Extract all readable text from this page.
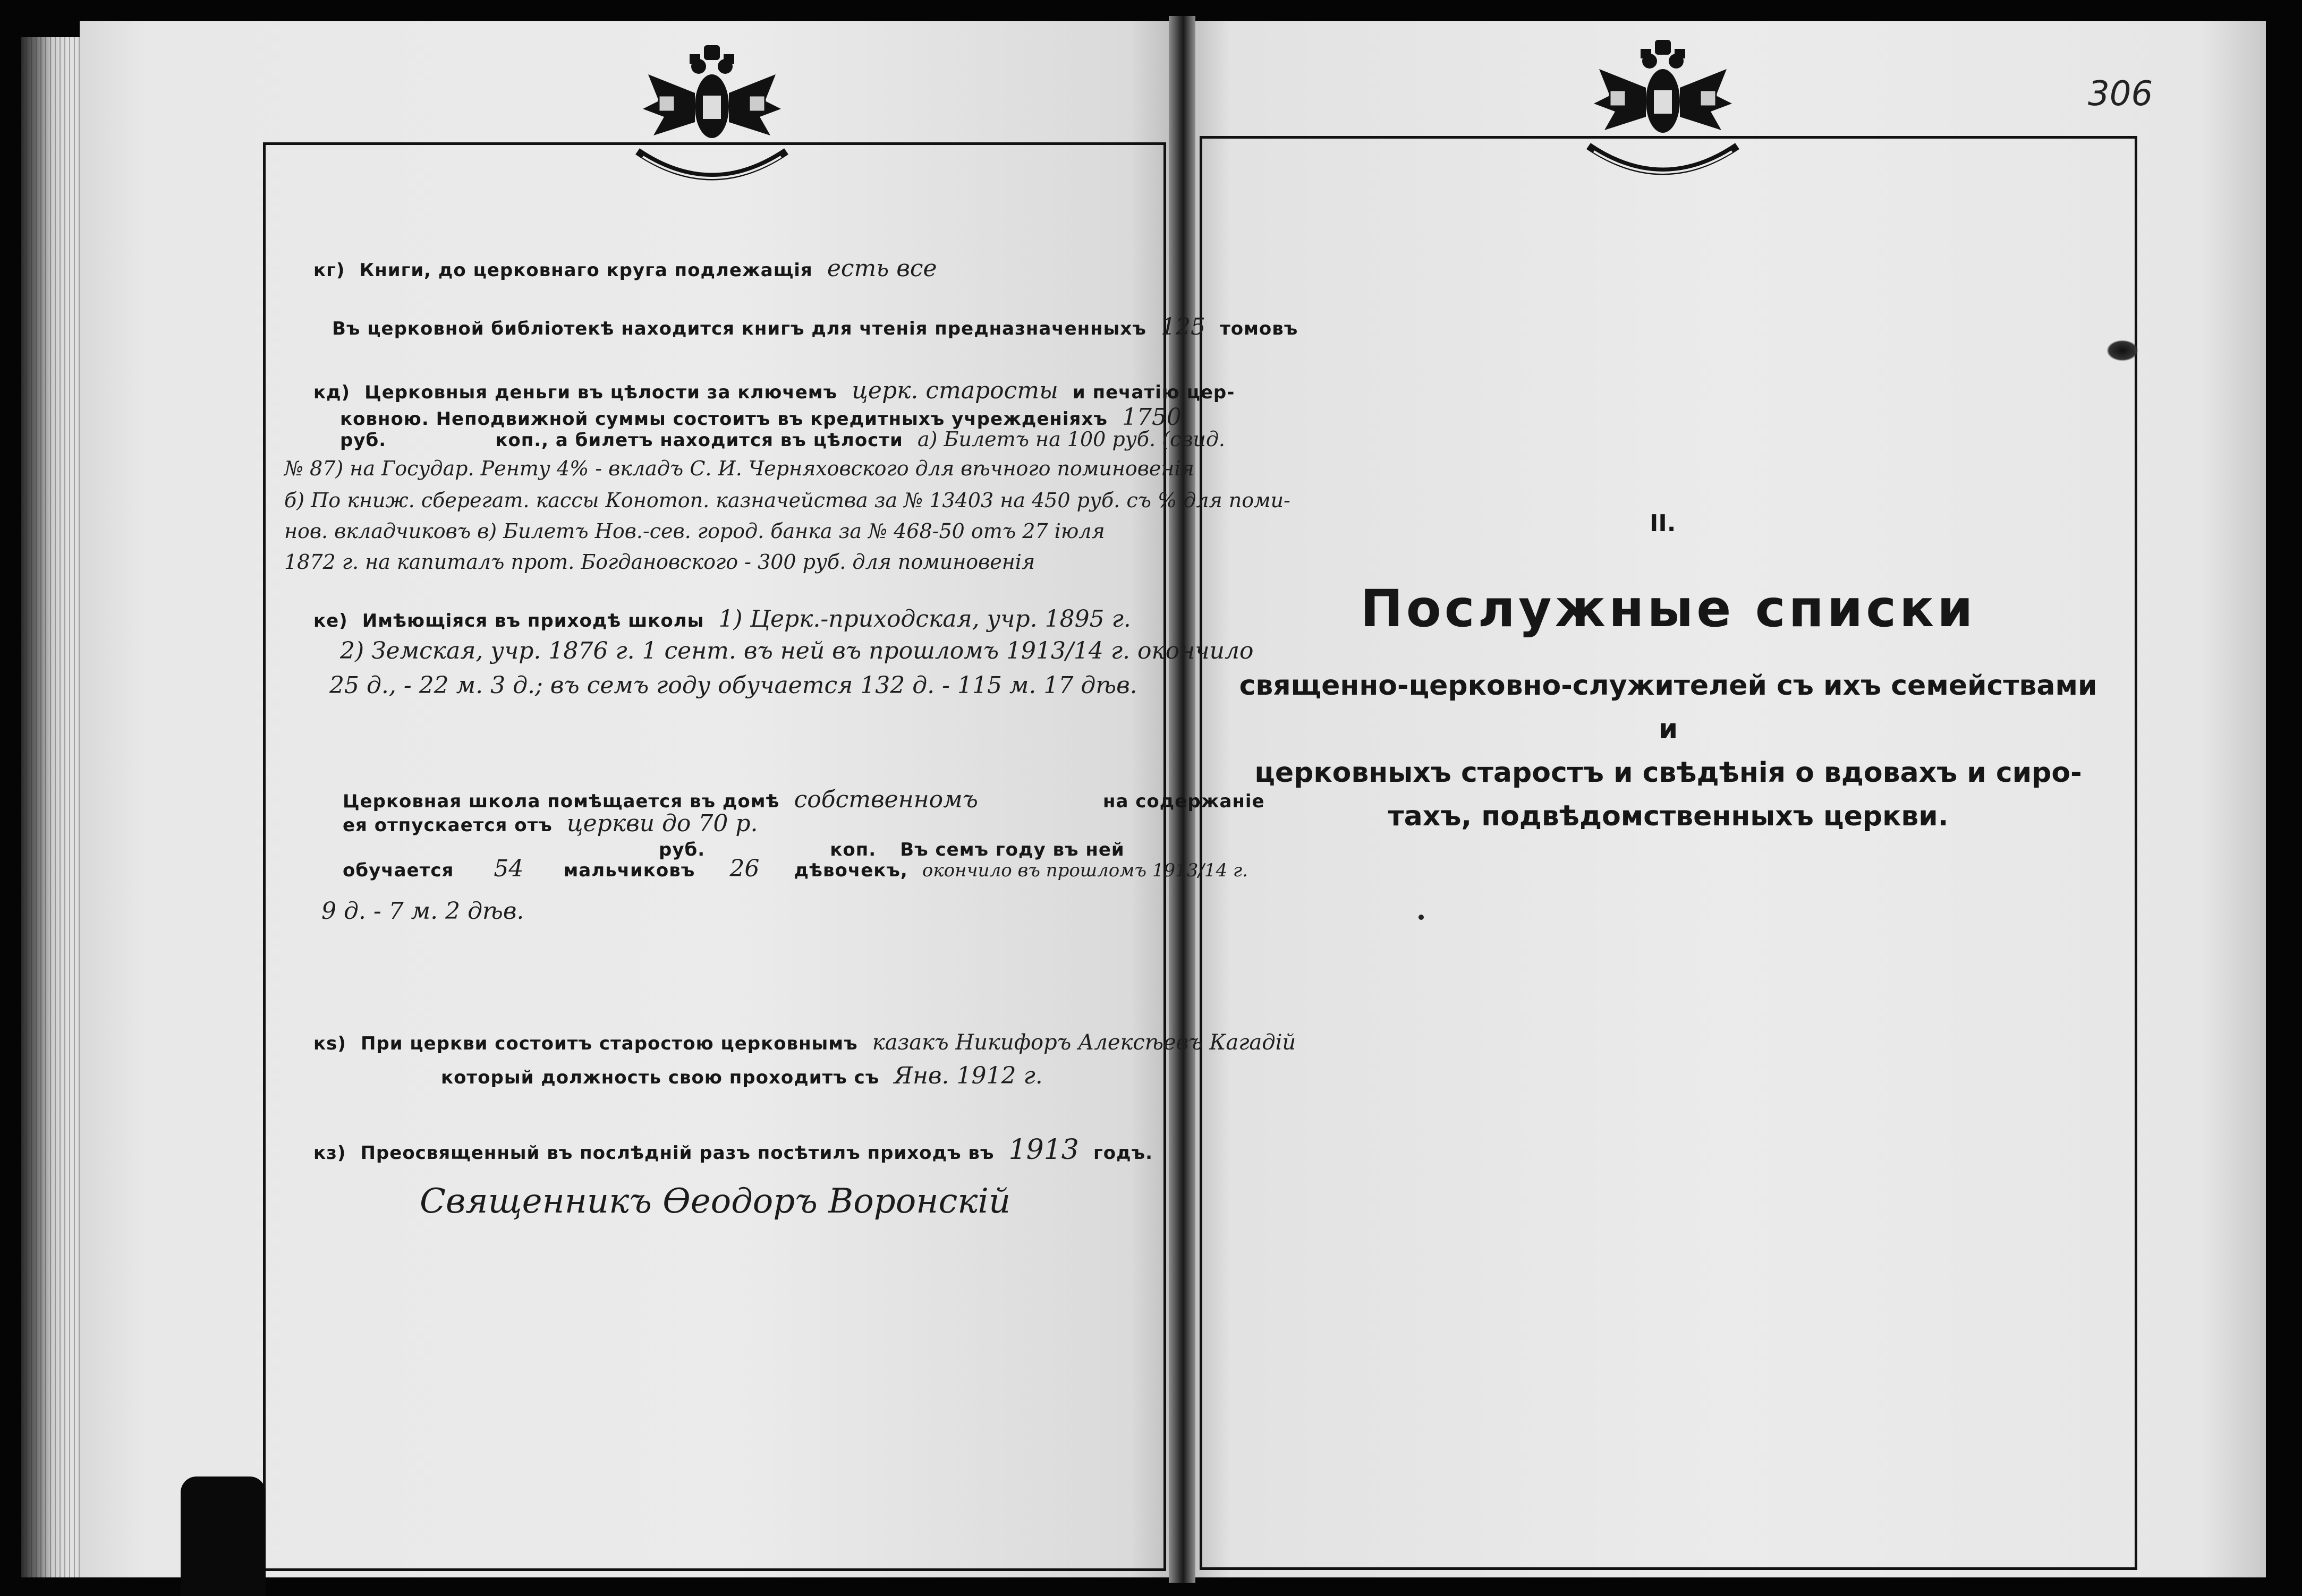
306
кг) Книги, до церковнаго круга подлежащія есть все
Въ церковной библіотекѣ находится книгъ для чтенія предназначенныхъ 125 томовъ
кд) Церковныя деньги въ цѣлости за ключемъ церк. старосты и печатію цер-
ковною. Неподвижной суммы состоитъ въ кредитныхъ учрежденіяхъ 1750
руб.	коп., а билетъ находится въ цѣлости а) Билетъ на 100 руб. (свид.
№ 87) на Государ. Ренту 4% - вкладъ С. И. Черняховского для вѣчного поминовенія
б) По книж. сберегат. кассы Конотоп. казначейства за № 13403 на 450 руб. съ % для поми-
нов. вкладчиковъ в) Билетъ Нов.-сев. город. банка за № 468-50 отъ 27 іюля
1872 г. на капиталъ прот. Богдановского - 300 руб. для поминовенія
ке) Имѣющіяся въ приходѣ школы 1) Церк.-приходская, учр. 1895 г.
2) Земская, учр. 1876 г. 1 сент. въ ней въ прошломъ 1913/14 г. окончило
25 д., - 22 м. 3 д.; въ семъ году обучается 132 д. - 115 м. 17 дѣв.
Церковная школа помѣщается въ домѣ собственномъ	на содержаніе
ея отпускается отъ церкви до 70 р.
руб.	коп. Въ семъ году въ ней
обучается 54 мальчиковъ 26 дѣвочекъ, окончило въ прошломъ 1913/14 г.
9 д. - 7 м. 2 дѣв.
кѕ) При церкви состоитъ старостою церковнымъ казакъ Никифоръ Алексѣевъ Кагадій
который должность свою проходитъ съ Янв. 1912 г.
кз) Преосвященный въ послѣдній разъ посѣтилъ приходъ въ 1913 годъ.
Священникъ Өеодоръ Воронскій
II.
Послужные списки
священно-церковно-служителей съ ихъ семействами и
церковныхъ старостъ и свѣдѣнія о вдовахъ и сиро-
тахъ, подвѣдомственныхъ церкви.
